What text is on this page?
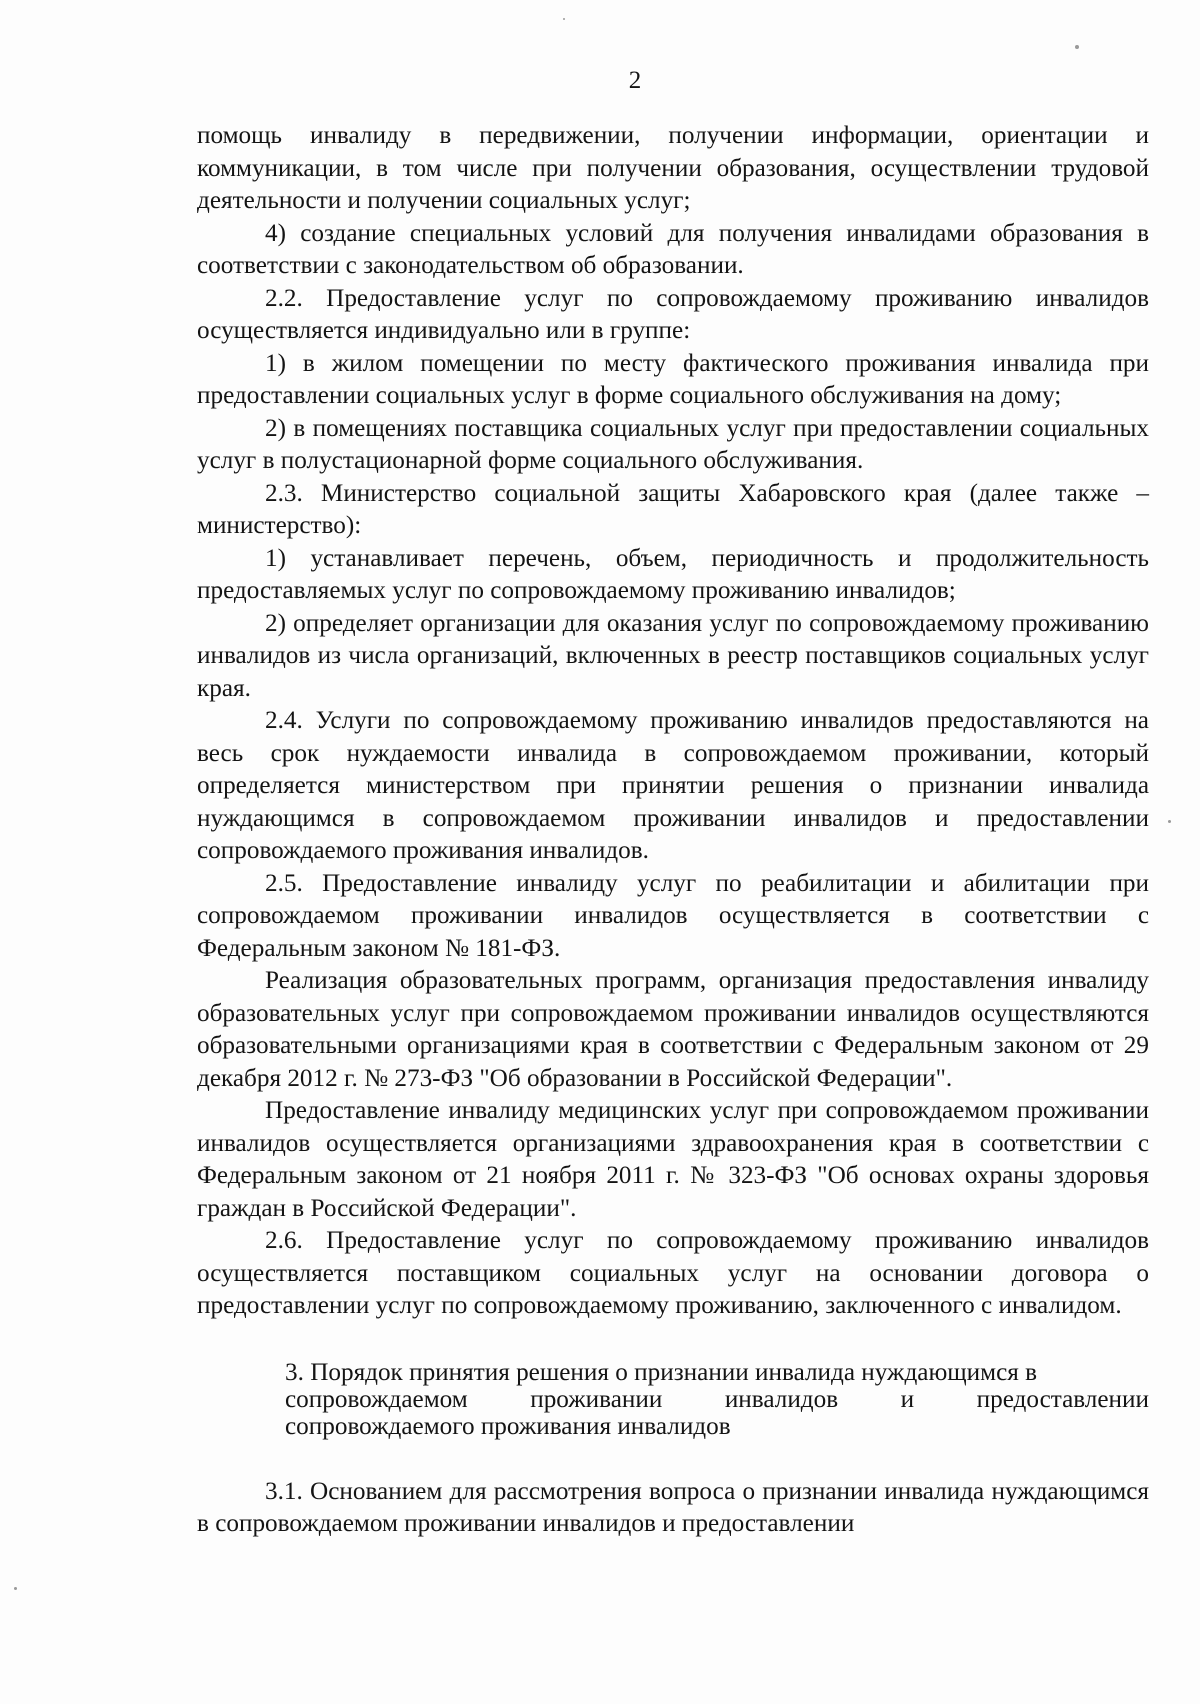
2

помощь инвалиду в передвижении, получении информации, ориентации и коммуникации, в том числе при получении образования, осуществлении трудовой деятельности и получении социальных услуг;

4) создание специальных условий для получения инвалидами образования в соответствии с законодательством об образовании.

2.2. Предоставление услуг по сопровождаемому проживанию инвалидов осуществляется индивидуально или в группе:

1) в жилом помещении по месту фактического проживания инвалида при предоставлении социальных услуг в форме социального обслуживания на дому;

2) в помещениях поставщика социальных услуг при предоставлении социальных услуг в полустационарной форме социального обслуживания.

2.3. Министерство социальной защиты Хабаровского края (далее также – министерство):

1) устанавливает перечень, объем, периодичность и продолжительность предоставляемых услуг по сопровождаемому проживанию инвалидов;

2) определяет организации для оказания услуг по сопровождаемому проживанию инвалидов из числа организаций, включенных в реестр поставщиков социальных услуг края.

2.4. Услуги по сопровождаемому проживанию инвалидов предоставляются на весь срок нуждаемости инвалида в сопровождаемом проживании, который определяется министерством при принятии решения о признании инвалида нуждающимся в сопровождаемом проживании инвалидов и предоставлении сопровождаемого проживания инвалидов.

2.5. Предоставление инвалиду услуг по реабилитации и абилитации при сопровождаемом проживании инвалидов осуществляется в соответствии с Федеральным законом № 181-ФЗ.

Реализация образовательных программ, организация предоставления инвалиду образовательных услуг при сопровождаемом проживании инвалидов осуществляются образовательными организациями края в соответствии с Федеральным законом от 29 декабря 2012 г. № 273-ФЗ "Об образовании в Российской Федерации".

Предоставление инвалиду медицинских услуг при сопровождаемом проживании инвалидов осуществляется организациями здравоохранения края в соответствии с Федеральным законом от 21 ноября 2011 г. № 323-ФЗ "Об основах охраны здоровья граждан в Российской Федерации".

2.6. Предоставление услуг по сопровождаемому проживанию инвалидов осуществляется поставщиком социальных услуг на основании договора о предоставлении услуг по сопровождаемому проживанию, заключенного с инвалидом.

3. Порядок принятия решения о признании инвалида нуждающимся в
сопровождаемом проживании инвалидов и предоставлении
сопровождаемого проживания инвалидов

3.1. Основанием для рассмотрения вопроса о признании инвалида нуждающимся в сопровождаемом проживании инвалидов и предоставлении
